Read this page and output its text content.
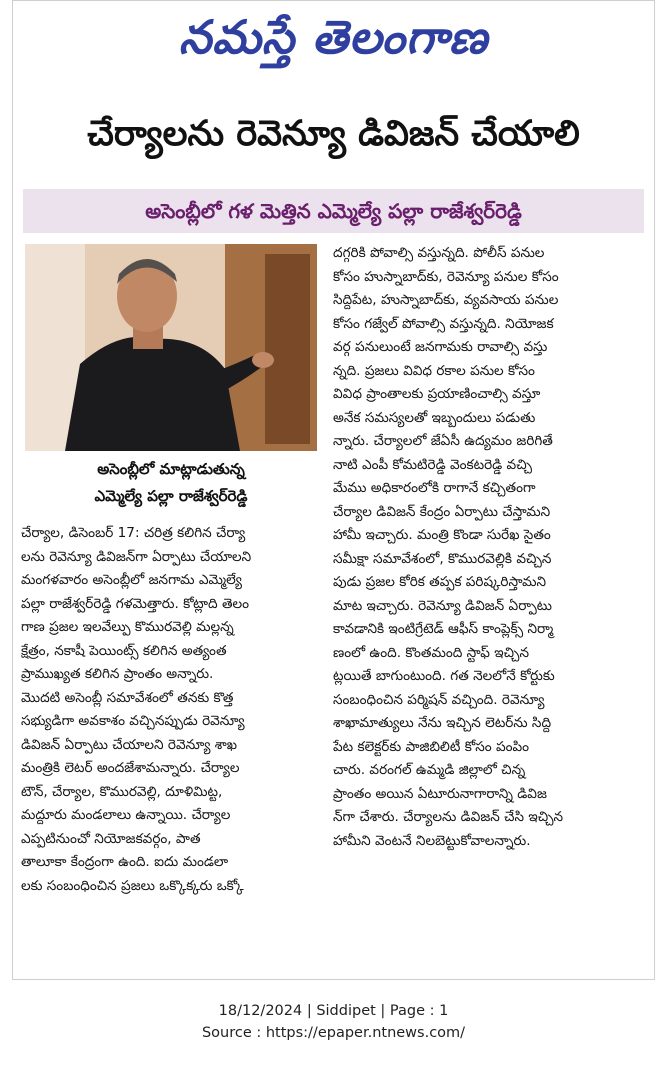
నమస్తే తెలంగాణ
చేర్యాలను రెవెన్యూ డివిజన్ చేయాలి
అసెంబ్లీలో గళ మెత్తిన ఎమ్మెల్యే పల్లా రాజేశ్వర్‌రెడ్డి
అసెంబ్లీలో మాట్లాడుతున్న
ఎమ్మెల్యే పల్లా రాజేశ్వర్‌రెడ్డి
చేర్యాల, డిసెంబర్ 17: చరిత్ర కలిగిన చేర్యా
లను రెవెన్యూ డివిజన్‌గా ఏర్పాటు చేయాలని
మంగళవారం అసెంబ్లీలో జనగామ ఎమ్మెల్యే
పల్లా రాజేశ్వర్‌రెడ్డి గళమెత్తారు. కోట్లాది తెలం
గాణ ప్రజల ఇలవేల్పు కొమురవెల్లి మల్లన్న
క్షేత్రం, నకాషీ పెయింట్స్ కలిగిన అత్యంత
ప్రాముఖ్యత కలిగిన ప్రాంతం అన్నారు.
మొదటి అసెంబ్లీ సమావేశంలో తనకు కొత్త
సభ్యుడిగా అవకాశం వచ్చినప్పుడు రెవెన్యూ
డివిజన్ ఏర్పాటు చేయాలని రెవెన్యూ శాఖ
మంత్రికి లెటర్ అందజేశామన్నారు. చేర్యాల
టౌన్, చేర్యాల, కొమురవెల్లి, దూళిమిట్ట,
మద్దూరు మండలాలు ఉన్నాయి. చేర్యాల
ఎప్పటినుంచో నియోజకవర్గం, పాత
తాలూకా కేంద్రంగా ఉంది. ఐదు మండలా
లకు సంబంధించిన ప్రజలు ఒక్కొక్కరు ఒక్కో
దగ్గరికి పోవాల్సి వస్తున్నది. పోలీస్ పనుల
కోసం హుస్నాబాద్‌కు, రెవెన్యూ పనుల కోసం
సిద్దిపేట, హుస్నాబాద్‌కు, వ్యవసాయ పనుల
కోసం గజ్వేల్ పోవాల్సి వస్తున్నది. నియోజక
వర్గ పనులుంటే జనగామకు రావాల్సి వస్తు
న్నది. ప్రజలు వివిధ రకాల పనుల కోసం
వివిధ ప్రాంతాలకు ప్రయాణించాల్సి వస్తూ
అనేక సమస్యలతో ఇబ్బందులు పడుతు
న్నారు. చేర్యాలలో జేఏసీ ఉద్యమం జరిగితే
నాటి ఎంపీ కోమటిరెడ్డి వెంకటరెడ్డి వచ్చి
మేము అధికారంలోకి రాగానే కచ్చితంగా
చేర్యాల డివిజన్ కేంద్రం ఏర్పాటు చేస్తామని
హామీ ఇచ్చారు. మంత్రి కొండా సురేఖ సైతం
సమీక్షా సమావేశంలో, కొమురవెల్లికి వచ్చిన
పుడు ప్రజల కోరిక తప్పక పరిష్కరిస్తామని
మాట ఇచ్చారు. రెవెన్యూ డివిజన్ ఏర్పాటు
కావడానికి ఇంటిగ్రేటెడ్ ఆఫీస్ కాంప్లెక్స్ నిర్మా
ణంలో ఉంది. కొంతమంది స్టాఫ్ ఇచ్చిన
ట్లయితే బాగుంటుంది. గత నెలలోనే కోర్టుకు
సంబంధించిన పర్మిషన్ వచ్చింది. రెవెన్యూ
శాఖామాత్యులు నేను ఇచ్చిన లెటర్‌ను సిద్ది
పేట కలెక్టర్‌కు పాజిబిలిటీ కోసం పంపిం
చారు. వరంగల్ ఉమ్మడి జిల్లాలో చిన్న
ప్రాంతం అయిన ఏటూరునాగారాన్ని డివిజ
న్‌గా చేశారు. చేర్యాలను డివిజన్ చేసి ఇచ్చిన
హామీని వెంటనే నిలబెట్టుకోవాలన్నారు.
18/12/2024 | Siddipet | Page : 1
Source : https://epaper.ntnews.com/
